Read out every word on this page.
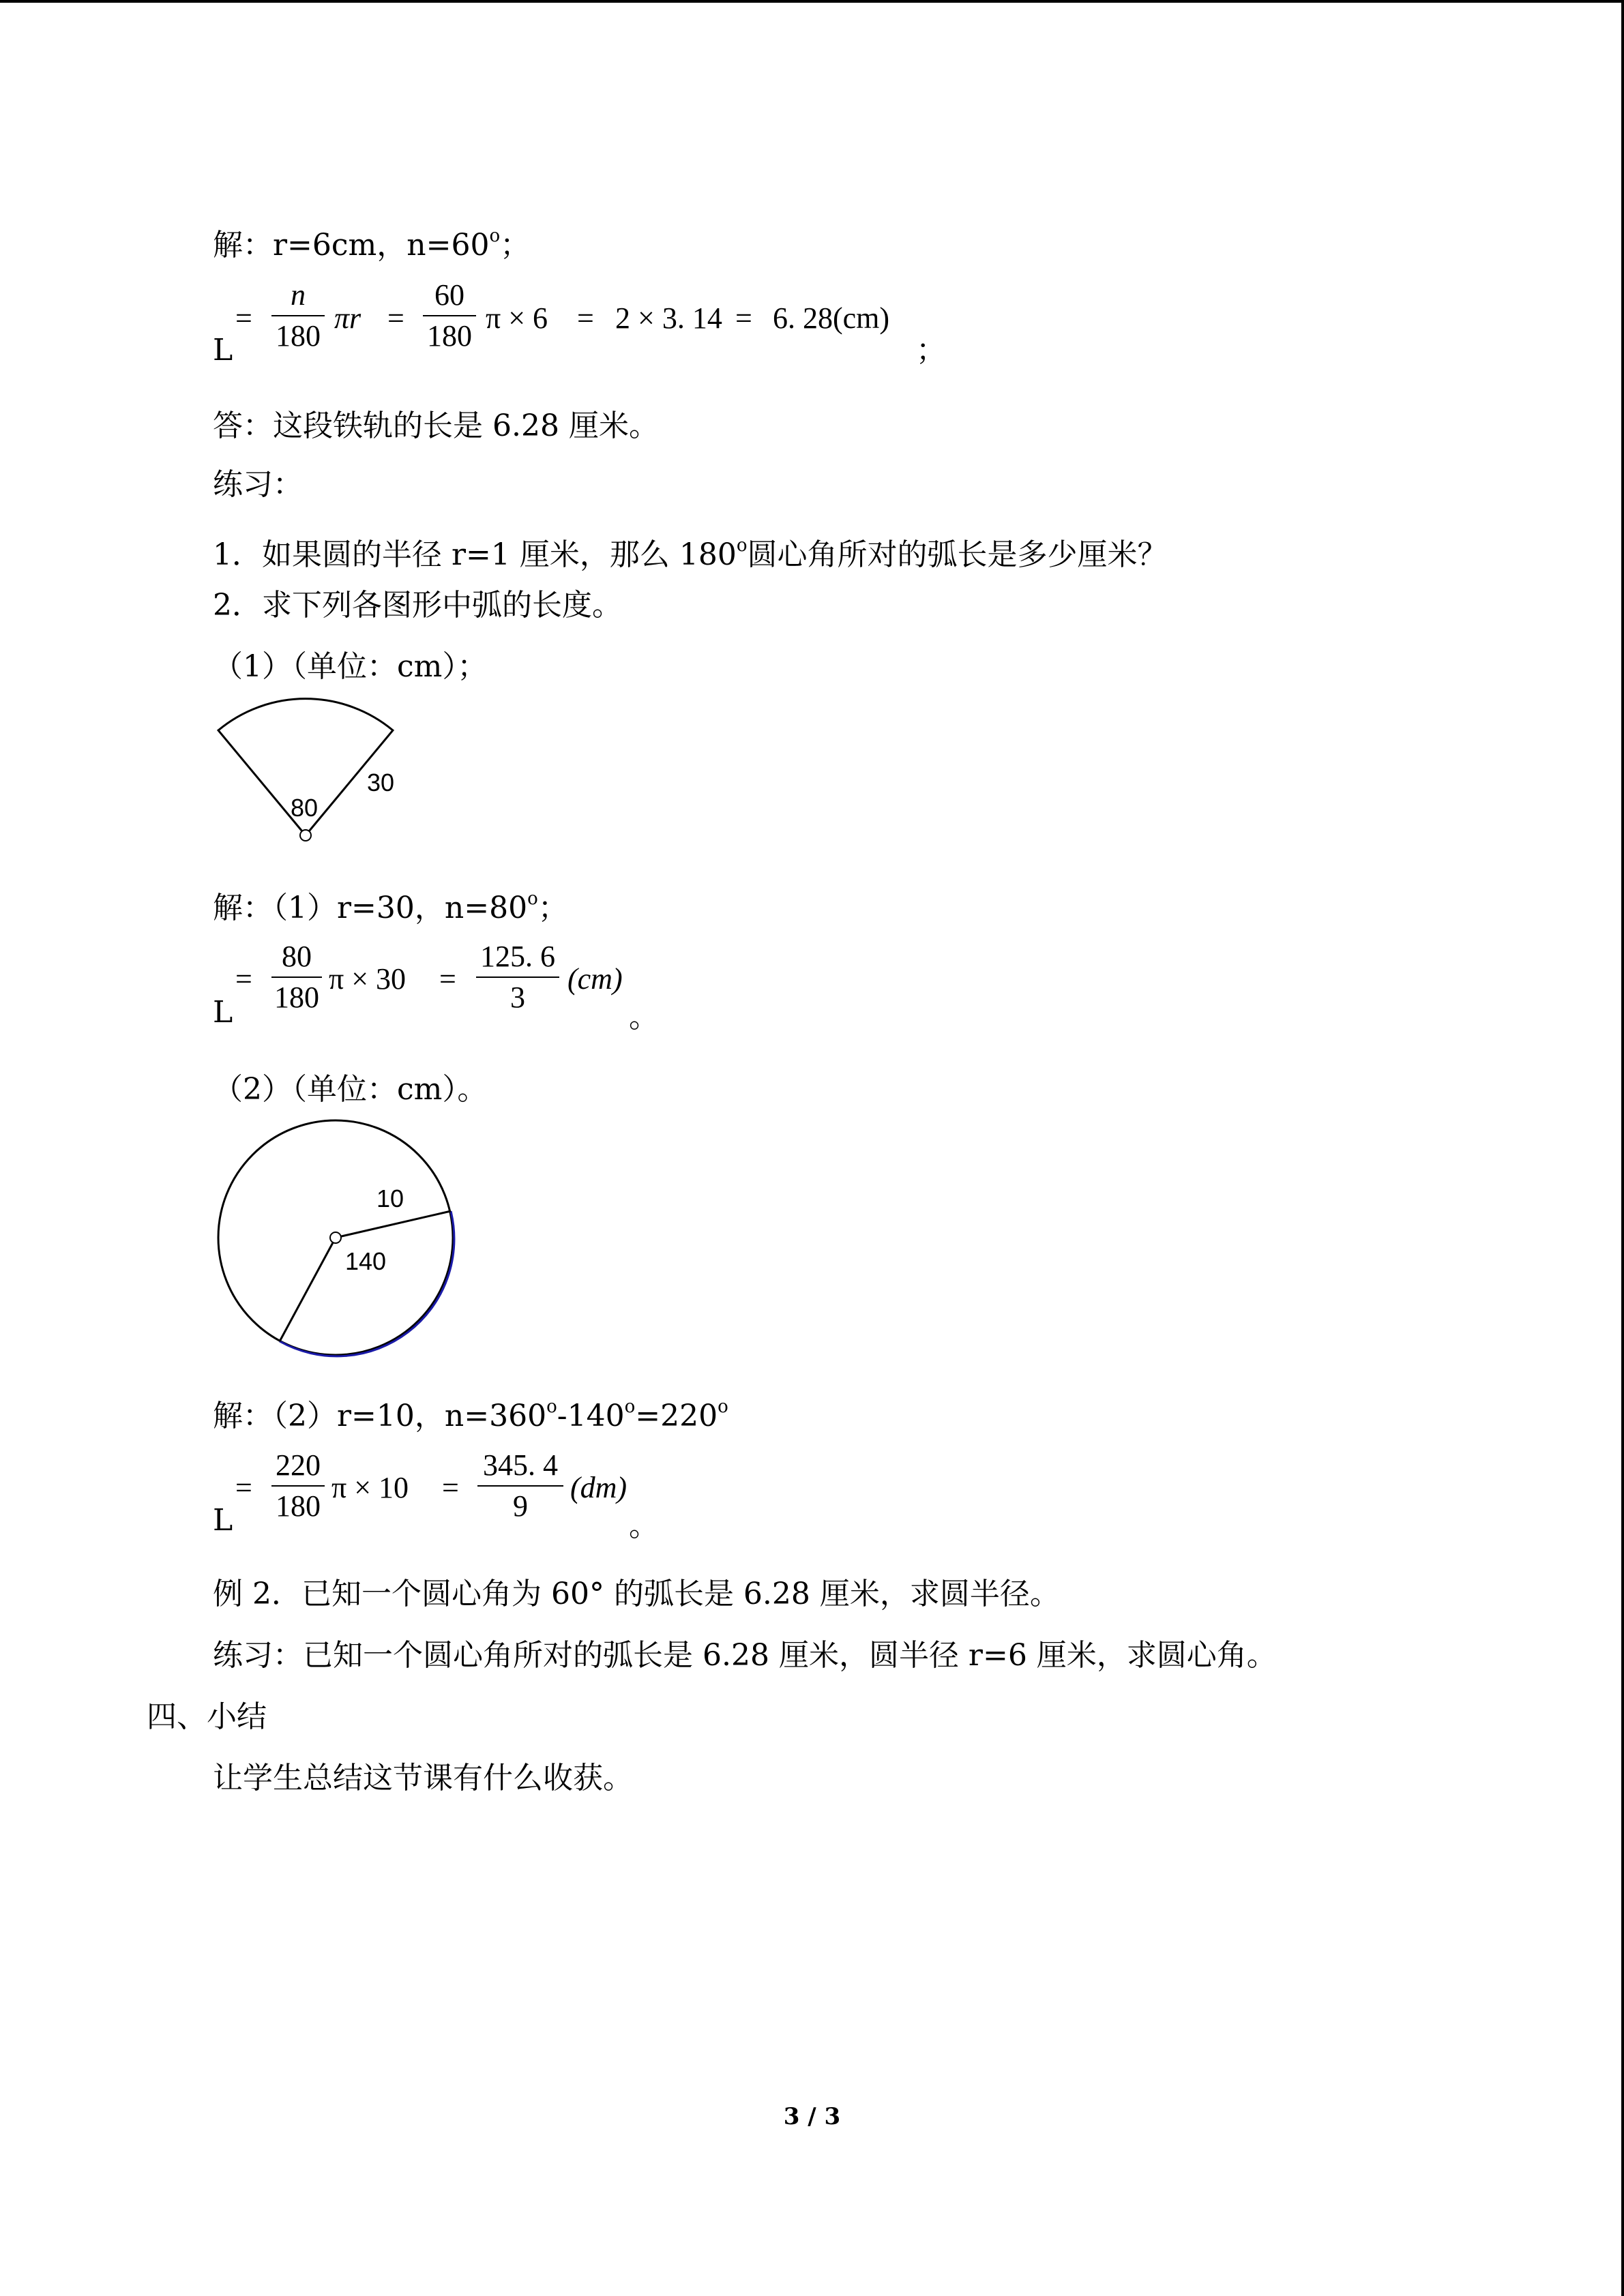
解：r=6cm，$n=60^o$；
L
=
n
180
πr =
60
180
π × 6 = 2 × 3. 14 = 6. 28(cm)
；
答：这段铁轨的长是 6.28 厘米。
练习：
1．如果圆的半径 r=1 厘米，那么 180$^o$圆心角所对的弧长是多少厘米？
2．求下列各图形中弧的长度。
（1）（单位：cm）；
30
80
解：（1）r=30，$n=80^o$；
L
=
80
180
π × 30 =
125. 6
3
(cm)
。
（2）（单位：cm）。
10
140
解：（2）r=10，$n=360^o-140^o=220^o$
L
=
220
180
π × 10 =
345. 4
9
(dm)
。
例 2．已知一个圆心角为 60° 的弧长是 6.28 厘米，求圆半径。
练习：已知一个圆心角所对的弧长是 6.28 厘米，圆半径 r=6 厘米，求圆心角。
四、小结
让学生总结这节课有什么收获。
3 / 3
